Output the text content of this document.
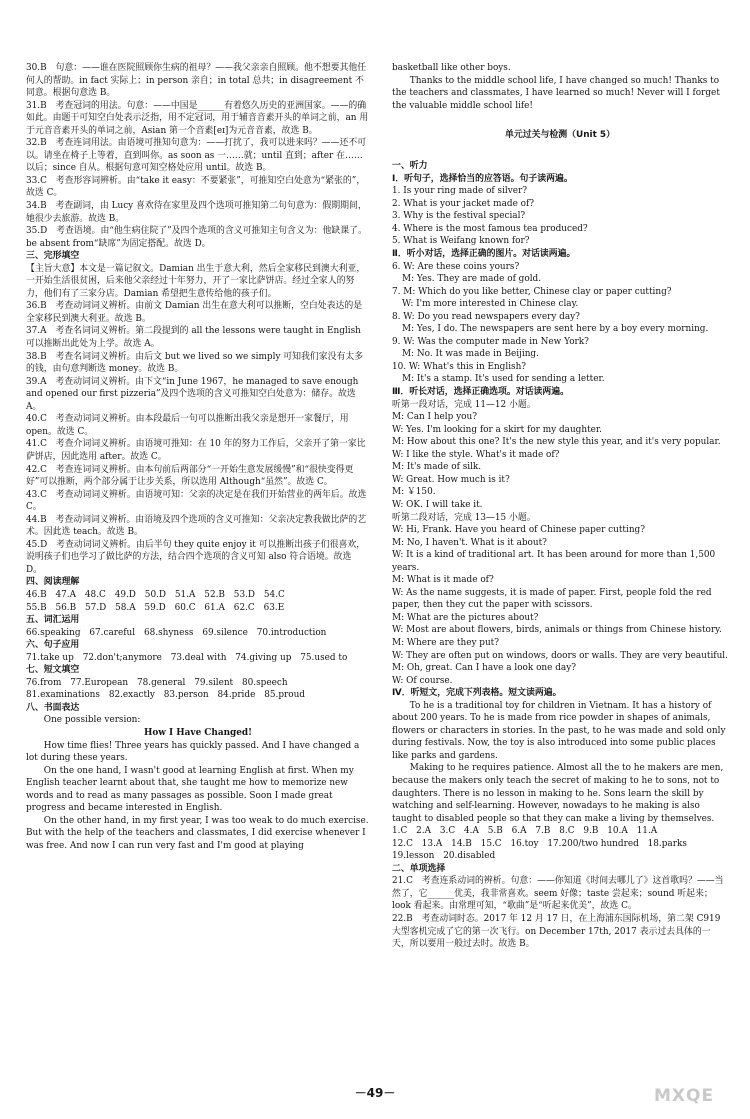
30.B　句意：——谁在医院照顾你生病的祖母？——我父亲亲自照顾。他不想要其他任何人的帮助。in fact 实际上；in person 亲自；in total 总共；in disagreement 不同意。根据句意选 B。

31.B　考查冠词的用法。句意：——中国是______有着悠久历史的亚洲国家。——的确如此。由题干可知空白处表示泛指，用不定冠词，用于辅音音素开头的单词之前，an 用于元音音素开头的单词之前，Asian 第一个音素[eɪ]为元音音素，故选 B。

32.B　考查连词用法。由语境可推知句意为：——打扰了，我可以进来吗？——还不可以。请坐在椅子上等着，直到叫你。as soon as 一……就；until 直到；after 在……以后；since 自从。根据句意可知空格处应用 until。故选 B。

33.C　考查形容词辨析。由“take it easy：不要紧张”，可推知空白处意为“紧张的”，故选 C。

34.B　考查副词，由 Lucy 喜欢待在家里及四个选项可推知第二句句意为：假期期间，她很少去旅游。故选 B。

35.D　考查语境。由“他生病住院了”及四个选项的含义可推知主句含义为：他缺课了。be absent from“缺席”为固定搭配。故选 D。

三、完形填空

【主旨大意】本文是一篇记叙文。Damian 出生于意大利，然后全家移民到澳大利亚，一开始生活很贫困，后来他父亲经过十年努力，开了一家比萨饼店。经过全家人的努力，他们有了三家分店。Damian 希望把生意传给他的孩子们。

36.B　考查动词词义辨析。由前文 Damian 出生在意大利可以推断，空白处表达的是全家移民到澳大利亚。故选 B。

37.A　考查名词词义辨析。第二段提到的 all the lessons were taught in English 可以推断出此处为上学。故选 A。

38.B　考查名词词义辨析。由后文 but we lived so we simply 可知我们家没有太多的钱，由句意判断选 money。故选 B。

39.A　考查动词词义辨析。由下文“in June 1967，he managed to save enough and opened our first pizzeria”及四个选项的含义可推知空白处意为：储存。故选 A。

40.C　考查动词词义辨析。由本段最后一句可以推断出我父亲是想开一家餐厅，用 open。故选 C。

41.C　考查介词词义辨析。由语境可推知：在 10 年的努力工作后，父亲开了第一家比萨饼店，因此选用 after。故选 C。

42.C　考查连词词义辨析。由本句前后两部分“一开始生意发展缓慢”和“很快变得更好”可以推断，两个部分属于让步关系，所以选用 Although“虽然”。故选 C。

43.C　考查动词词义辨析。由语境可知：父亲的决定是在我们开始营业的两年后。故选 C。

44.B　考查动词词义辨析。由语境及四个选项的含义可推知：父亲决定教我做比萨的艺术。因此选 teach。故选 B。

45.D　考查动词词义辨析。由后半句 they quite enjoy it 可以推断出孩子们很喜欢，说明孩子们也学习了做比萨的方法，结合四个选项的含义可知 also 符合语境。故选 D。

四、阅读理解

46.B　47.A　48.C　49.D　50.D　51.A　52.B　53.D　54.C

55.B　56.B　57.D　58.A　59.D　60.C　61.A　62.C　63.E

五、词汇运用

66.speaking　67.careful　68.shyness　69.silence　70.introduction

六、句子应用

71.take up　72.don't;anymore　73.deal with　74.giving up　75.used to

七、短文填空

76.from　77.European　78.general　79.silent　80.speech

81.examinations　82.exactly　83.person　84.pride　85.proud

八、书面表达

One possible version:

How I Have Changed!

How time flies! Three years has quickly passed. And I have changed a lot during these years.

On the one hand, I wasn't good at learning English at first. When my English teacher learnt about that, she taught me how to memorize new words and to read as many passages as possible. Soon I made great progress and became interested in English.

On the other hand, in my first year, I was too weak to do much exercise. But with the help of the teachers and classmates, I did exercise whenever I was free. And now I can run very fast and I'm good at playing

basketball like other boys.

Thanks to the middle school life, I have changed so much! Thanks to the teachers and classmates, I have learned so much! Never will I forget the valuable middle school life!

单元过关与检测（Unit 5）

一、听力

Ⅰ．听句子，选择恰当的应答语。句子读两遍。

1. Is your ring made of silver?

2. What is your jacket made of?

3. Why is the festival special?

4. Where is the most famous tea produced?

5. What is Weifang known for?

Ⅱ．听小对话，选择正确的图片。对话读两遍。

6. W: Are these coins yours?

M: Yes. They are made of gold.

7. M: Which do you like better, Chinese clay or paper cutting?

W: I'm more interested in Chinese clay.

8. W: Do you read newspapers every day?

M: Yes, I do. The newspapers are sent here by a boy every morning.

9. W: Was the computer made in New York?

M: No. It was made in Beijing.

10. W: What's this in English?

M: It's a stamp. It's used for sending a letter.

Ⅲ．听长对话，选择正确选项。对话读两遍。

听第一段对话，完成 11—12 小题。

M: Can I help you?

W: Yes. I'm looking for a skirt for my daughter.

M: How about this one? It's the new style this year, and it's very popular.

W: I like the style. What's it made of?

M: It's made of silk.

W: Great. How much is it?

M: ￥150.

W: OK. I will take it.

听第二段对话，完成 13—15 小题。

W: Hi, Frank. Have you heard of Chinese paper cutting?

M: No, I haven't. What is it about?

W: It is a kind of traditional art. It has been around for more than 1,500 years.

M: What is it made of?

W: As the name suggests, it is made of paper. First, people fold the red paper, then they cut the paper with scissors.

M: What are the pictures about?

W: Most are about flowers, birds, animals or things from Chinese history.

M: Where are they put?

W: They are often put on windows, doors or walls. They are very beautiful.

M: Oh, great. Can I have a look one day?

W: Of course.

Ⅳ．听短文，完成下列表格。短文读两遍。

To he is a traditional toy for children in Vietnam. It has a history of about 200 years. To he is made from rice powder in shapes of animals, flowers or characters in stories. In the past, to he was made and sold only during festivals. Now, the toy is also introduced into some public places like parks and gardens.

Making to he requires patience. Almost all the to he makers are men, because the makers only teach the secret of making to he to sons, not to daughters. There is no lesson in making to he. Sons learn the skill by watching and self-learning. However, nowadays to he making is also taught to disabled people so that they can make a living by themselves.

1.C　2.A　3.C　4.A　5.B　6.A　7.B　8.C　9.B　10.A　11.A

12.C　13.A　14.B　15.C　16.toy　17.200/two hundred　18.parks

19.lesson　20.disabled

二、单项选择

21.C　考查连系动词的辨析。句意：——你知道《时间去哪儿了》这首歌吗？——当然了，它______优美，我非常喜欢。seem 好像；taste 尝起来；sound 听起来；look 看起来。由常理可知，“歌曲”是“听起来优美”，故选 C。

22.B　考查动词时态。2017 年 12 月 17 日，在上海浦东国际机场，第二架 C919 大型客机完成了它的第一次飞行。on December 17th, 2017 表示过去具体的一天，所以要用一般过去时。故选 B。

－49－	MXQE
